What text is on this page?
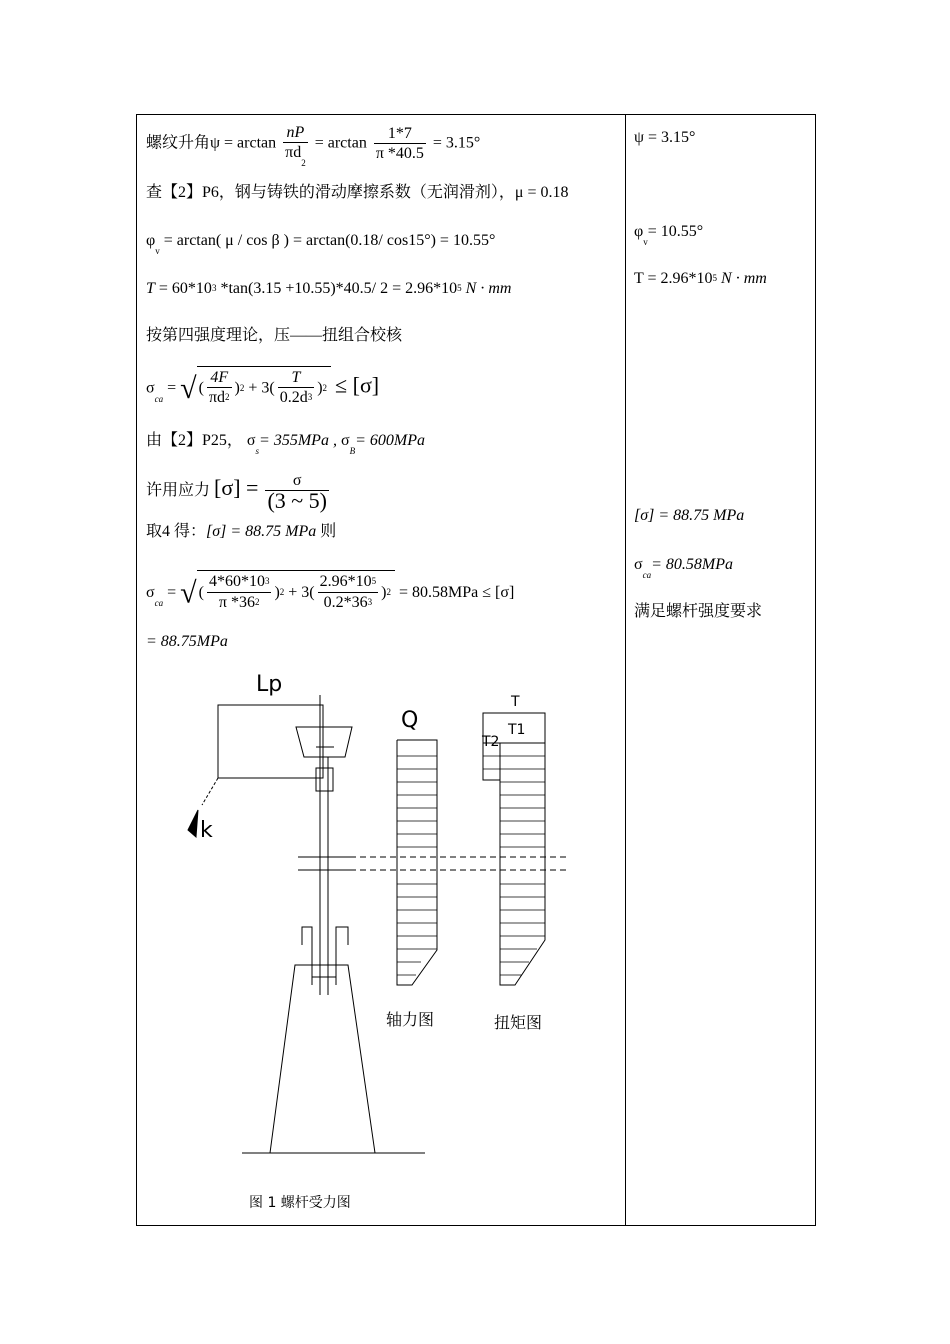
螺纹升角$\psi = \arctan \frac{nP}{\pi d_2} = \arctan \frac{1*7}{\pi *40.5} = 3.15^\circ$
查【2】P6，钢与铸铁的滑动摩擦系数（无润滑剂），μ = 0.18
$\varphi_v = \arctan$( μ / cos β ) = arctan(0.18/ cos15°) = 10.55°
T = 60*103 *tan(3.15 +10.55)*40.5/ 2 = 2.96*105 N · mm
按第四强度理论，压——扭组合校核
$\sigma_{ca}$ = √ ( $\frac{4F}{\pi d2} )2 + 3( \frac{T}{0.2d3} )2 \le [\sigma]$
由【2】P25， $\sigma_s= 355MPa$ , $\sigma_B= 600MPa$
许用应力 $[\sigma] = \frac{\sigma}{(3 \sim 5)}$
取4 得：[σ] = 88.75 MPa 则
$\sigma_{ca}$ = √ ( $\frac{4*60*103}{\pi *362} )2 + 3( \frac{2.96*105}{0.2*363} )2 = 80.58MPa \le [\sigma]$
= 88.75MPa
ψ = 3.15°
$\varphi_v= 10.55^\circ$
T = 2.96*105 N · mm
[σ] = 88.75 MPa
$\sigma_{ca}= 80.58MPa$
满足螺杆强度要求
Lp
k
Q
T
T1
T2
轴力图	扭矩图
图 1 螺杆受力图
